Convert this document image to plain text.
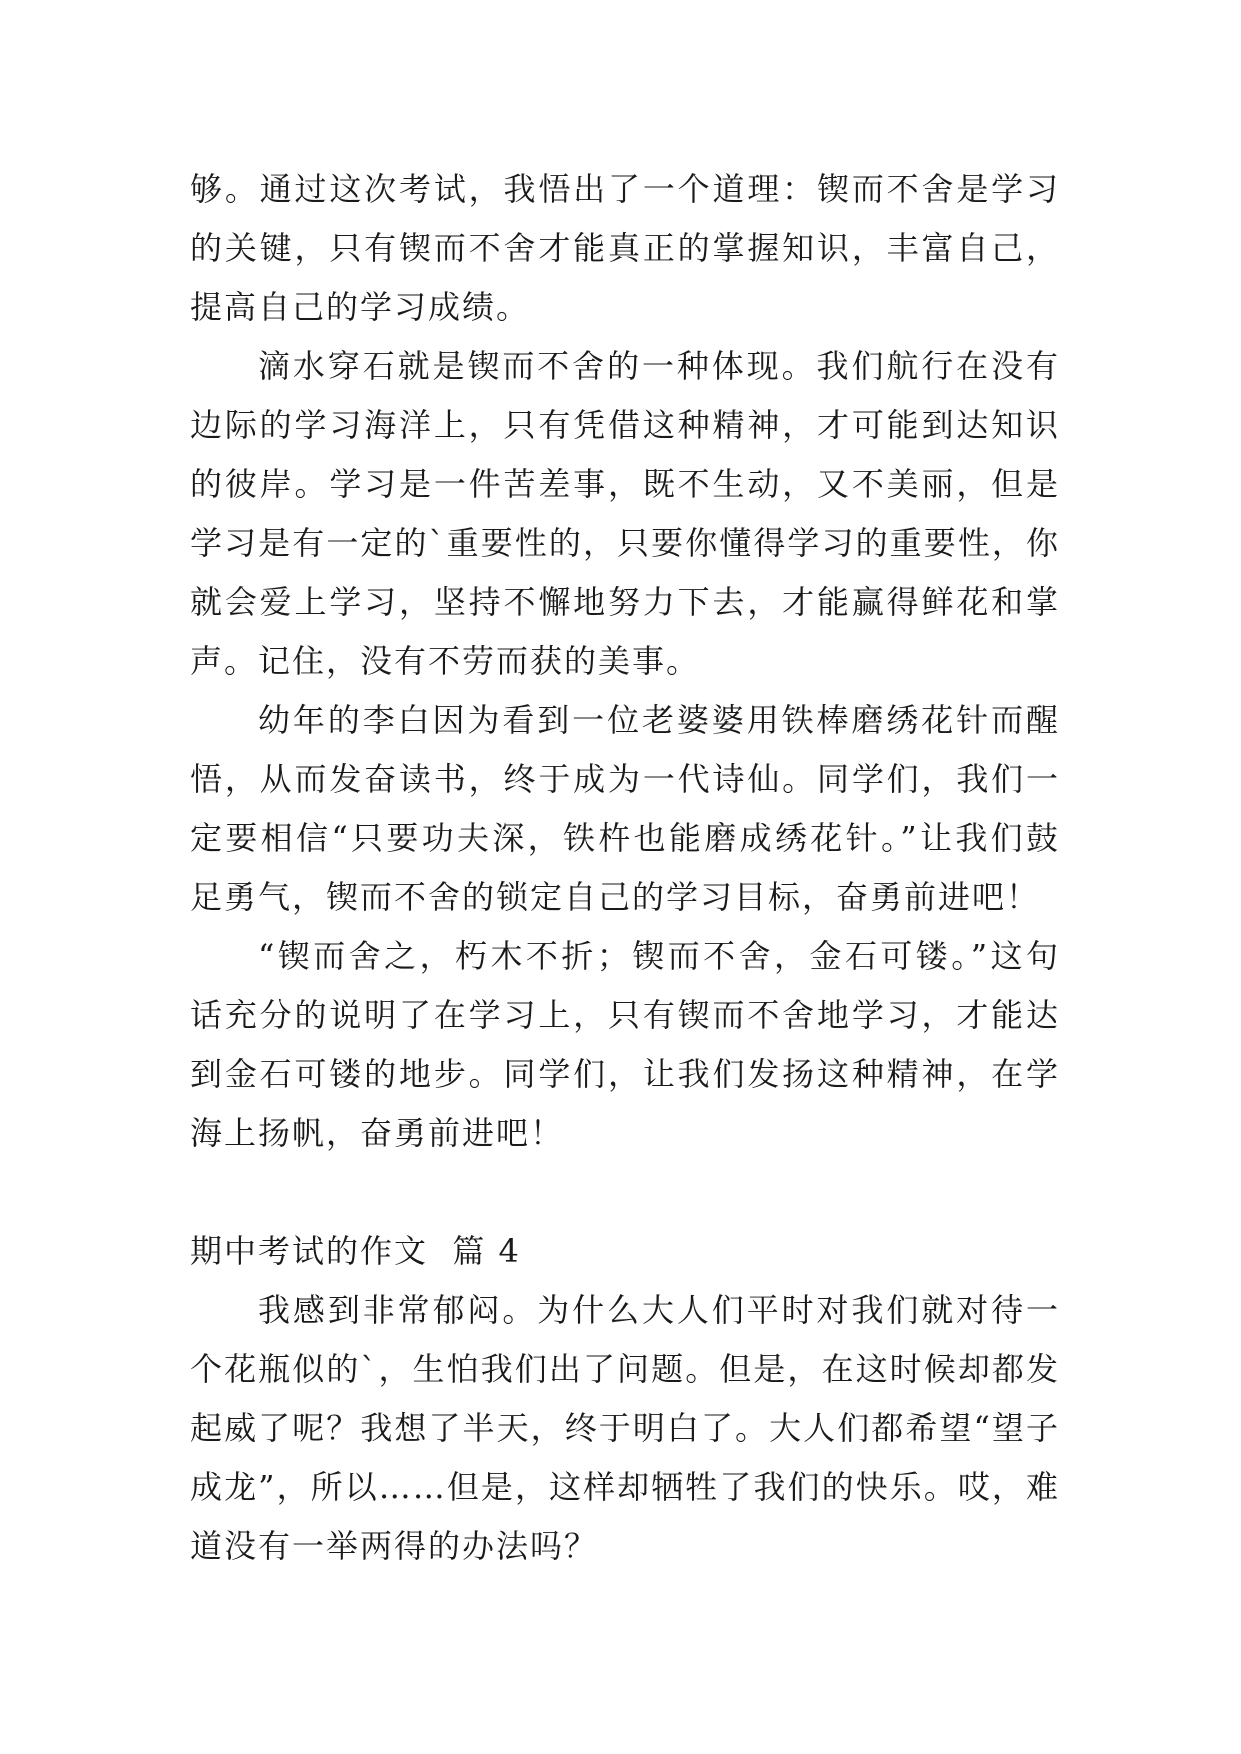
够。通过这次考试，我悟出了一个道理：锲而不舍是学习的关键，只有锲而不舍才能真正的掌握知识，丰富自己，提高自己的学习成绩。

滴水穿石就是锲而不舍的一种体现。我们航行在没有边际的学习海洋上，只有凭借这种精神，才可能到达知识的彼岸。学习是一件苦差事，既不生动，又不美丽，但是学习是有一定的`重要性的，只要你懂得学习的重要性，你就会爱上学习，坚持不懈地努力下去，才能赢得鲜花和掌声。记住，没有不劳而获的美事。

幼年的李白因为看到一位老婆婆用铁棒磨绣花针而醒悟，从而发奋读书，终于成为一代诗仙。同学们，我们一定要相信“只要功夫深，铁杵也能磨成绣花针。”让我们鼓足勇气，锲而不舍的锁定自己的学习目标，奋勇前进吧！

“锲而舍之，朽木不折；锲而不舍，金石可镂。”这句话充分的说明了在学习上，只有锲而不舍地学习，才能达到金石可镂的地步。同学们，让我们发扬这种精神，在学海上扬帆，奋勇前进吧！

期中考试的作文  篇 4

我感到非常郁闷。为什么大人们平时对我们就对待一个花瓶似的`，生怕我们出了问题。但是，在这时候却都发起威了呢？我想了半天，终于明白了。大人们都希望“望子成龙”，所以……但是，这样却牺牲了我们的快乐。哎，难道没有一举两得的办法吗？
